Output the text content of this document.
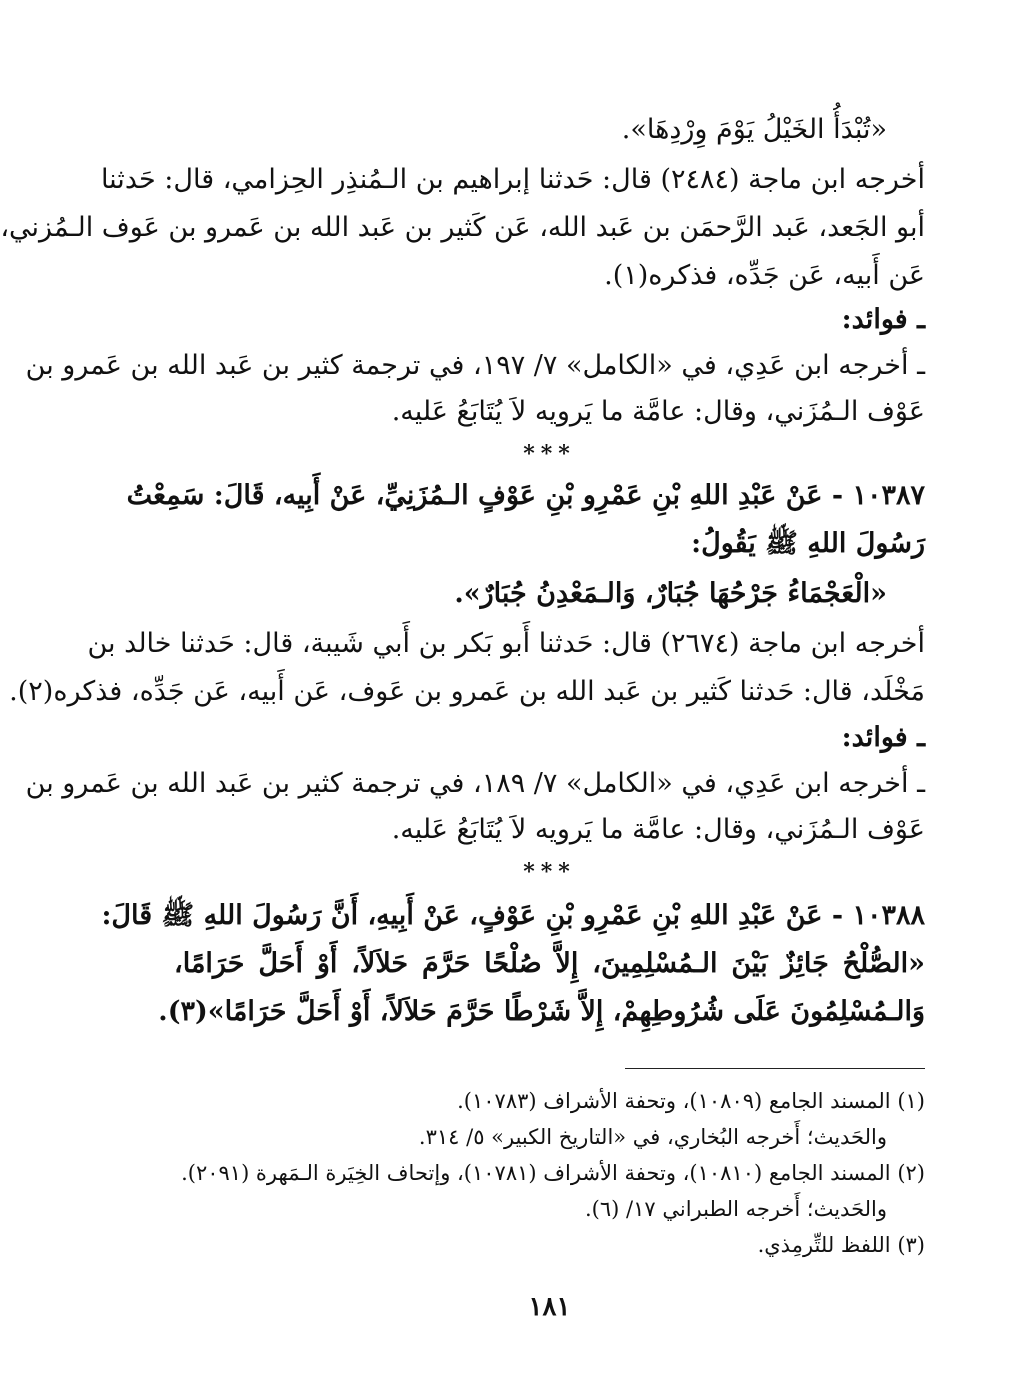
«تُبْدَأُ الخَيْلُ يَوْمَ وِرْدِهَا».
أخرجه ابن ماجة (٢٤٨٤) قال: حَدثنا إبراهيم بن الـمُنذِر الحِزامي، قال: حَدثنا
أبو الجَعد، عَبد الرَّحمَن بن عَبد الله، عَن كَثير بن عَبد الله بن عَمرو بن عَوف الـمُزني،
عَن أَبيه، عَن جَدِّه، فذكره(١).
ـ فوائد:
ـ أخرجه ابن عَدِي، في «الكامل» ٧/ ١٩٧، في ترجمة كثير بن عَبد الله بن عَمرو بن
عَوْف الـمُزَني، وقال: عامَّة ما يَرويه لاَ يُتَابَعُ عَليه.
***
١٠٣٨٧ - عَنْ عَبْدِ اللهِ بْنِ عَمْرِو بْنِ عَوْفٍ الـمُزَنِيِّ، عَنْ أَبِيه، قَالَ: سَمِعْتُ
رَسُولَ اللهِ ﷺ يَقُولُ:
«الْعَجْمَاءُ جَرْحُهَا جُبَارٌ، وَالـمَعْدِنُ جُبَارٌ».
أخرجه ابن ماجة (٢٦٧٤) قال: حَدثنا أَبو بَكر بن أَبي شَيبة، قال: حَدثنا خالد بن
مَخْلَد، قال: حَدثنا كَثير بن عَبد الله بن عَمرو بن عَوف، عَن أَبيه، عَن جَدِّه، فذكره(٢).
ـ فوائد:
ـ أخرجه ابن عَدِي، في «الكامل» ٧/ ١٨٩، في ترجمة كثير بن عَبد الله بن عَمرو بن
عَوْف الـمُزَني، وقال: عامَّة ما يَرويه لاَ يُتَابَعُ عَليه.
***
١٠٣٨٨ - عَنْ عَبْدِ اللهِ بْنِ عَمْرِو بْنِ عَوْفٍ، عَنْ أَبِيهِ، أَنَّ رَسُولَ اللهِ ﷺ قَالَ:
«الصُّلْحُ جَائِزٌ بَيْنَ الـمُسْلِمِينَ، إِلاَّ صُلْحًا حَرَّمَ حَلاَلاً، أَوْ أَحَلَّ حَرَامًا،
وَالـمُسْلِمُونَ عَلَى شُرُوطِهِمْ، إِلاَّ شَرْطًا حَرَّمَ حَلاَلاً، أَوْ أَحَلَّ حَرَامًا»(٣).
(١) المسند الجامع (١٠٨٠٩)، وتحفة الأشراف (١٠٧٨٣).
والحَديث؛ أَخرجه البُخاري، في «التاريخ الكبير» ٥/ ٣١٤.
(٢) المسند الجامع (١٠٨١٠)، وتحفة الأشراف (١٠٧٨١)، وإتحاف الخِيَرة الـمَهرة (٢٠٩١).
والحَديث؛ أَخرجه الطبراني ١٧/ (٦).
(٣) اللفظ للتِّرمِذي.
١٨١
